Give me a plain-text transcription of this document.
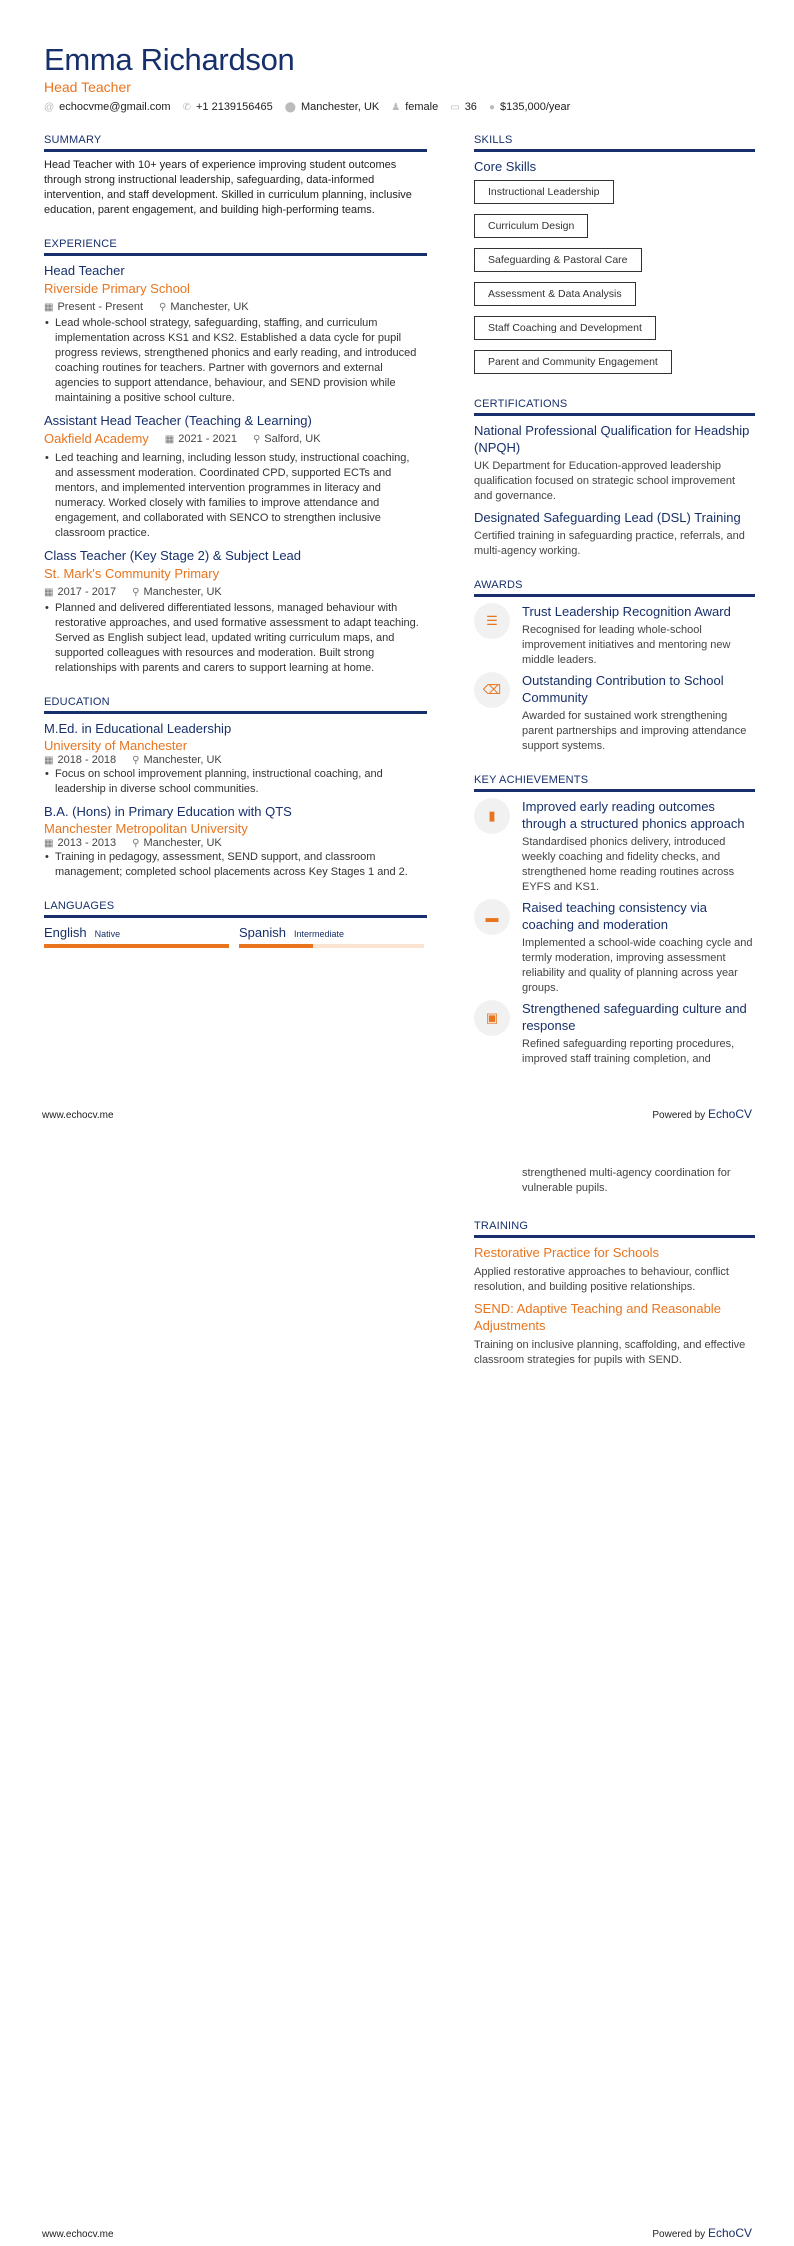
Emma Richardson
Head Teacher
@ echocvme@gmail.com ✆ +1 2139156465 ⬤ Manchester, UK ♟ female ▭ 36 ● $135,000/year
SUMMARY

Head Teacher with 10+ years of experience improving student outcomes through strong instructional leadership, safeguarding, data-informed intervention, and staff development. Skilled in curriculum planning, inclusive education, parent engagement, and building high-performing teams.

EXPERIENCE
Head Teacher
Riverside Primary School
▦ Present - Present ⚲ Manchester, UK
• Lead whole-school strategy, safeguarding, staffing, and curriculum implementation across KS1 and KS2. Established a data cycle for pupil progress reviews, strengthened phonics and early reading, and introduced coaching routines for teachers. Partner with governors and external agencies to support attendance, behaviour, and SEND provision while maintaining a positive school culture.
Assistant Head Teacher (Teaching & Learning)
Oakfield Academy ▦ 2021 - 2021 ⚲ Salford, UK
• Led teaching and learning, including lesson study, instructional coaching, and assessment moderation. Coordinated CPD, supported ECTs and mentors, and implemented intervention programmes in literacy and numeracy. Worked closely with families to improve attendance and engagement, and collaborated with SENCO to strengthen inclusive classroom practice.
Class Teacher (Key Stage 2) & Subject Lead
St. Mark's Community Primary
▦ 2017 - 2017 ⚲ Manchester, UK
• Planned and delivered differentiated lessons, managed behaviour with restorative approaches, and used formative assessment to adapt teaching. Served as English subject lead, updated writing curriculum maps, and supported colleagues with resources and moderation. Built strong relationships with parents and carers to support learning at home.
EDUCATION
M.Ed. in Educational Leadership
University of Manchester
▦ 2018 - 2018 ⚲ Manchester, UK
• Focus on school improvement planning, instructional coaching, and leadership in diverse school communities.
B.A. (Hons) in Primary Education with QTS
Manchester Metropolitan University
▦ 2013 - 2013 ⚲ Manchester, UK
• Training in pedagogy, assessment, SEND support, and classroom management; completed school placements across Key Stages 1 and 2.
LANGUAGES
English Native	Spanish Intermediate
SKILLS
Core Skills
Instructional Leadership
Curriculum Design
Safeguarding & Pastoral Care
Assessment & Data Analysis
Staff Coaching and Development
Parent and Community Engagement
CERTIFICATIONS
National Professional Qualification for Headship (NPQH)

UK Department for Education-approved leadership qualification focused on strategic school improvement and governance.

Designated Safeguarding Lead (DSL) Training

Certified training in safeguarding practice, referrals, and multi-agency working.

AWARDS
☰
Trust Leadership Recognition Award

Recognised for leading whole-school improvement initiatives and mentoring new middle leaders.

⌫
Outstanding Contribution to School Community

Awarded for sustained work strengthening parent partnerships and improving attendance support systems.

KEY ACHIEVEMENTS
▮
Improved early reading outcomes through a structured phonics approach

Standardised phonics delivery, introduced weekly coaching and fidelity checks, and strengthened home reading routines across EYFS and KS1.

▬
Raised teaching consistency via coaching and moderation

Implemented a school-wide coaching cycle and termly moderation, improving assessment reliability and quality of planning across year groups.

▣
Strengthened safeguarding culture and response

Refined safeguarding reporting procedures, improved staff training completion, and

www.echocv.me	Powered by EchoCV

strengthened multi-agency coordination for vulnerable pupils.

TRAINING
Restorative Practice for Schools

Applied restorative approaches to behaviour, conflict resolution, and building positive relationships.

SEND: Adaptive Teaching and Reasonable Adjustments

Training on inclusive planning, scaffolding, and effective classroom strategies for pupils with SEND.

www.echocv.me	Powered by EchoCV
